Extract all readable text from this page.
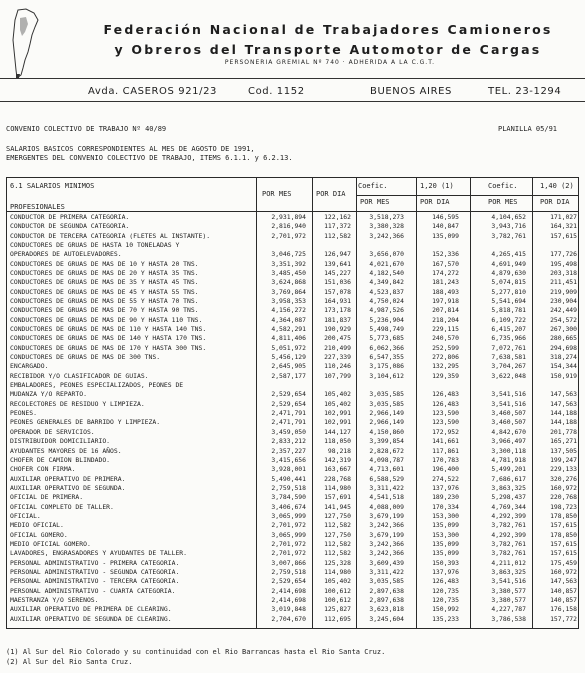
Federación Nacional de Trabajadores Camioneros
y Obreros del Transporte Automotor de Cargas
PERSONERIA GREMIAL Nº 740 · ADHERIDA A LA C.G.T.
Avda. CASEROS 921/23	Cod. 1152	BUENOS AIRES	TEL. 23-1294
CONVENIO COLECTIVO DE TRABAJO Nº 40/89	PLANILLA 05/91
SALARIOS BASICOS CORRESPONDIENTES AL MES DE AGOSTO DE 1991,
EMERGENTES DEL CONVENIO COLECTIVO DE TRABAJO, ITEMS 6.1.1. y 6.2.13.
6.1 SALARIOS MINIMOS
PROFESIONALES
Coefic.	1,20 (1)	Coefic.	1,40 (2)
POR MES	POR DIA
POR MES	POR DIA	POR MES	POR DIA
CONDUCTOR DE PRIMERA CATEGORIA.	2,931,894	122,162	3,518,273	146,595	4,104,652	171,027
CONDUCTOR DE SEGUNDA CATEGORIA.	2,816,940	117,372	3,380,328	140,847	3,943,716	164,321
CONDUCTOR DE TERCERA CATEGORIA (FLETES AL INSTANTE).	2,701,972	112,582	3,242,366	135,099	3,782,761	157,615
CONDUCTORES DE GRUAS DE HASTA 10 TONELADAS Y
OPERADORES DE AUTOELEVADORES.	3,046,725	126,947	3,656,070	152,336	4,265,415	177,726
CONDUCTORES DE GRUAS DE MAS DE 10 Y HASTA 20 TNS.	3,351,392	139,641	4,021,670	167,570	4,691,949	195,498
CONDUCTORES DE GRUAS DE MAS DE 20 Y HASTA 35 TNS.	3,485,450	145,227	4,182,540	174,272	4,879,630	203,318
CONDUCTORES DE GRUAS DE MAS DE 35 Y HASTA 45 TNS.	3,624,868	151,036	4,349,842	181,243	5,074,815	211,451
CONDUCTORES DE GRUAS DE MAS DE 45 Y HASTA 55 TNS.	3,769,864	157,078	4,523,837	188,493	5,277,810	219,909
CONDUCTORES DE GRUAS DE MAS DE 55 Y HASTA 70 TNS.	3,958,353	164,931	4,750,024	197,918	5,541,694	230,904
CONDUCTORES DE GRUAS DE MAS DE 70 Y HASTA 90 TNS.	4,156,272	173,178	4,987,526	207,814	5,818,781	242,449
CONDUCTORES DE GRUAS DE MAS DE 90 Y HASTA 110 TNS.	4,364,087	181,837	5,236,904	218,204	6,109,722	254,572
CONDUCTORES DE GRUAS DE MAS DE 110 Y HASTA 140 TNS.	4,582,291	190,929	5,498,749	229,115	6,415,207	267,300
CONDUCTORES DE GRUAS DE MAS DE 140 Y HASTA 170 TNS.	4,811,406	200,475	5,773,685	240,570	6,735,966	280,665
CONDUCTORES DE GRUAS DE MAS DE 170 Y HASTA 300 TNS.	5,051,972	210,499	6,062,366	252,599	7,072,761	294,698
CONDUCTORES DE GRUAS DE MAS DE 300 TNS.	5,456,129	227,339	6,547,355	272,806	7,638,581	318,274
ENCARGADO.	2,645,905	110,246	3,175,086	132,295	3,704,267	154,344
RECIBIDOR Y/O CLASIFICADOR DE GUIAS.	2,587,177	107,799	3,104,612	129,359	3,622,048	150,919
EMBALADORES, PEONES ESPECIALIZADOS, PEONES DE
MUDANZA Y/O REPARTO.	2,529,654	105,402	3,035,585	126,483	3,541,516	147,563
RECOLECTORES DE RESIDUO Y LIMPIEZA.	2,529,654	105,402	3,035,585	126,483	3,541,516	147,563
PEONES.	2,471,791	102,991	2,966,149	123,590	3,460,507	144,188
PEONES GENERALES DE BARRIDO Y LIMPIEZA.	2,471,791	102,991	2,966,149	123,590	3,460,507	144,188
OPERADOR DE SERVICIOS.	3,459,050	144,127	4,150,860	172,952	4,842,670	201,778
DISTRIBUIDOR DOMICILIARIO.	2,833,212	118,050	3,399,854	141,661	3,966,497	165,271
AYUDANTES MAYORES DE 16 AÑOS.	2,357,227	98,218	2,828,672	117,861	3,300,118	137,505
CHOFER DE CAMION BLINDADO.	3,415,656	142,319	4,098,787	170,783	4,781,918	199,247
CHOFER CON FIRMA.	3,928,001	163,667	4,713,601	196,400	5,499,201	229,133
AUXILIAR OPERATIVO DE PRIMERA.	5,490,441	228,768	6,588,529	274,522	7,686,617	320,276
AUXILIAR OPERATIVO DE SEGUNDA.	2,759,518	114,980	3,311,422	137,976	3,863,325	160,972
OFICIAL DE PRIMERA.	3,784,590	157,691	4,541,518	189,230	5,298,437	220,768
OFICIAL COMPLETO DE TALLER.	3,406,674	141,945	4,088,009	170,334	4,769,344	198,723
OFICIAL.	3,065,999	127,750	3,679,199	153,300	4,292,399	178,850
MEDIO OFICIAL.	2,701,972	112,582	3,242,366	135,099	3,782,761	157,615
OFICIAL GOMERO.	3,065,999	127,750	3,679,199	153,300	4,292,399	178,850
MEDIO OFICIAL GOMERO.	2,701,972	112,582	3,242,366	135,099	3,782,761	157,615
LAVADORES, ENGRASADORES Y AYUDANTES DE TALLER.	2,701,972	112,582	3,242,366	135,099	3,782,761	157,615
PERSONAL ADMINISTRATIVO - PRIMERA CATEGORIA.	3,007,866	125,328	3,609,439	150,393	4,211,012	175,459
PERSONAL ADMINISTRATIVO - SEGUNDA CATEGORIA.	2,759,518	114,980	3,311,422	137,976	3,863,325	160,972
PERSONAL ADMINISTRATIVO - TERCERA CATEGORIA.	2,529,654	105,402	3,035,585	126,483	3,541,516	147,563
PERSONAL ADMINISTRATIVO - CUARTA CATEGORIA.	2,414,698	100,612	2,897,638	120,735	3,380,577	140,857
MAESTRANZA Y/O SERENOS.	2,414,698	100,612	2,897,638	120,735	3,380,577	140,857
AUXILIAR OPERATIVO DE PRIMERA DE CLEARING.	3,019,848	125,827	3,623,818	150,992	4,227,787	176,158
AUXILIAR OPERATIVO DE SEGUNDA DE CLEARING.	2,704,670	112,695	3,245,604	135,233	3,786,538	157,772
(1) Al Sur del Rio Colorado y su continuidad con el Rio Barrancas hasta el Rio Santa Cruz.
(2) Al Sur del Rio Santa Cruz.
